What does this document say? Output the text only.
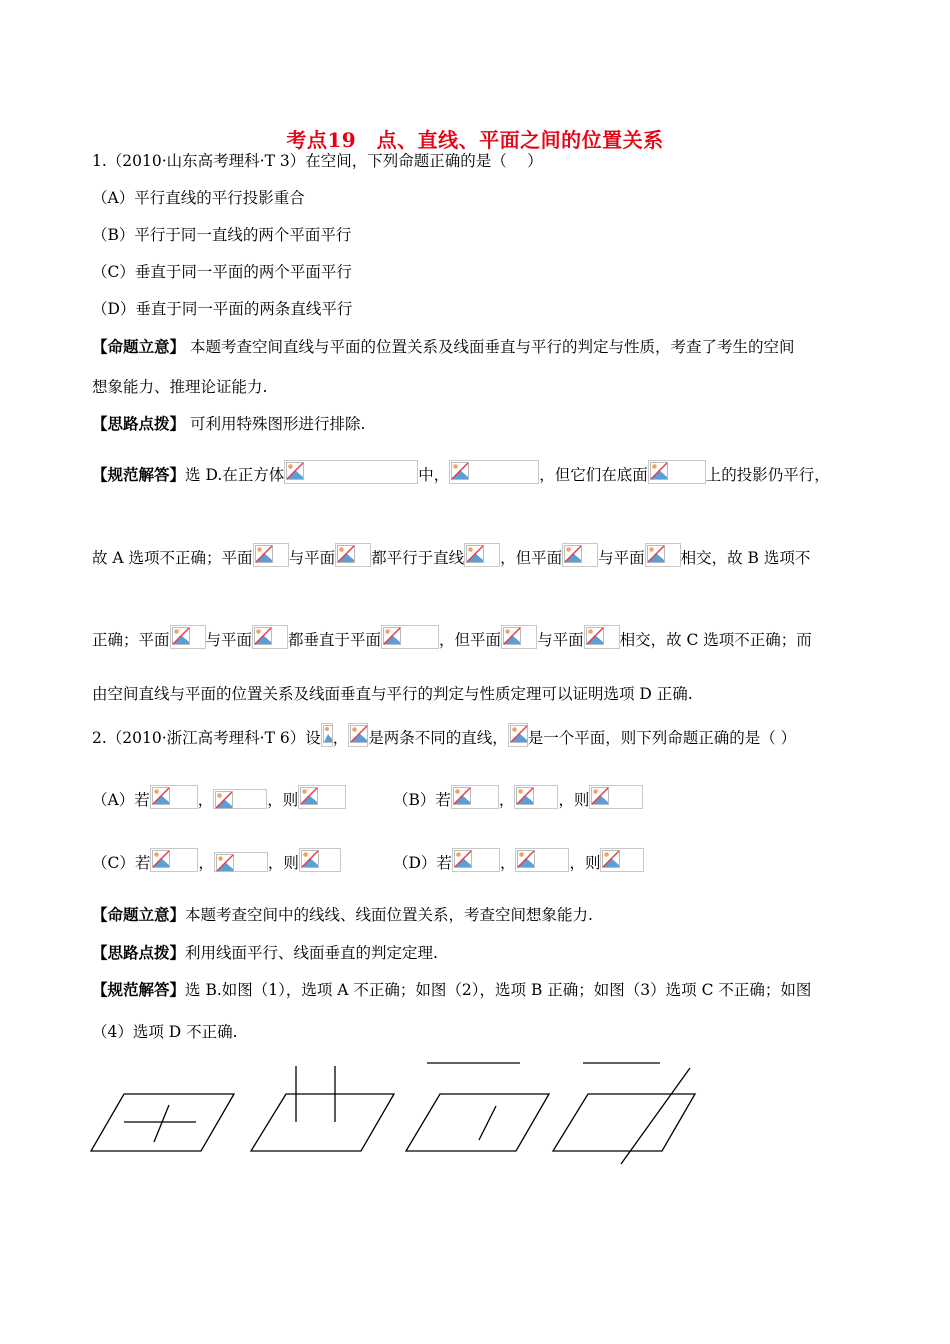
考点19　点、直线、平面之间的位置关系
1.（2010·山东高考理科·T 3）在空间，下列命题正确的是（　 ）
（A）平行直线的平行投影重合
（B）平行于同一直线的两个平面平行
（C）垂直于同一平面的两个平面平行
（D）垂直于同一平面的两条直线平行
【命题立意】 本题考查空间直线与平面的位置关系及线面垂直与平行的判定与性质，考查了考生的空间
想象能力、推理论证能力.
【思路点拨】 可利用特殊图形进行排除.
【规范解答】选 D.在正方体	中，	，但它们在底面	上的投影仍平行，
故 A 选项不正确；平面 与平面 都平行于直线 ，但平面 与平面 相交，故 B 选项不
正确；平面 与平面 都垂直于平面	，但平面 与平面 相交，故 C 选项不正确；而
由空间直线与平面的位置关系及线面垂直与平行的判定与性质定理可以证明选项 D 正确.
2.（2010·浙江高考理科·T 6）设 ， 是两条不同的直线， 是一个平面，则下列命题正确的是（ ）
（A）若	，	，则	（B）若	，	，则
（C）若	，	，则	（D）若	，	，则
【命题立意】本题考查空间中的线线、线面位置关系，考查空间想象能力.
【思路点拨】利用线面平行、线面垂直的判定定理.
【规范解答】选 B.如图（1），选项 A 不正确；如图（2），选项 B 正确；如图（3）选项 C 不正确；如图
（4）选项 D 不正确.
